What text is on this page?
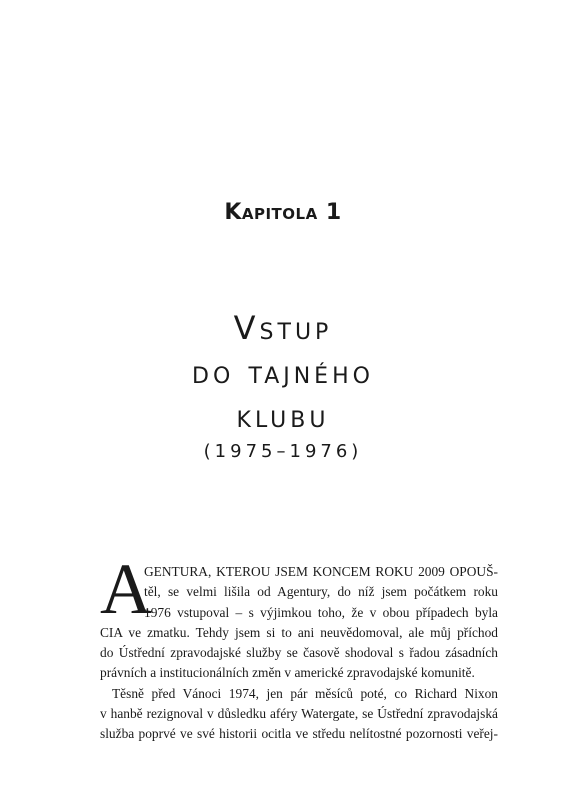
Kapitola 1
Vstup
do tajného
klubu
(1975–1976)
A

GENTURA, KTEROU JSEM KONCEM ROKU 2009 OPOUŠ-
těl, se velmi lišila od Agentury, do níž jsem počátkem roku
1976 vstupoval – s výjimkou toho, že v obou případech byla
CIA ve zmatku. Tehdy jsem si to ani neuvědomoval, ale můj příchod
do Ústřední zpravodajské služby se časově shodoval s řadou zásadních
právních a institucionálních změn v americké zpravodajské komunitě.

Těsně před Vánoci 1974, jen pár měsíců poté, co Richard Nixon
v hanbě rezignoval v důsledku aféry Watergate, se Ústřední zpravodajská
služba poprvé ve své historii ocitla ve středu nelítostné pozornosti veřej-
